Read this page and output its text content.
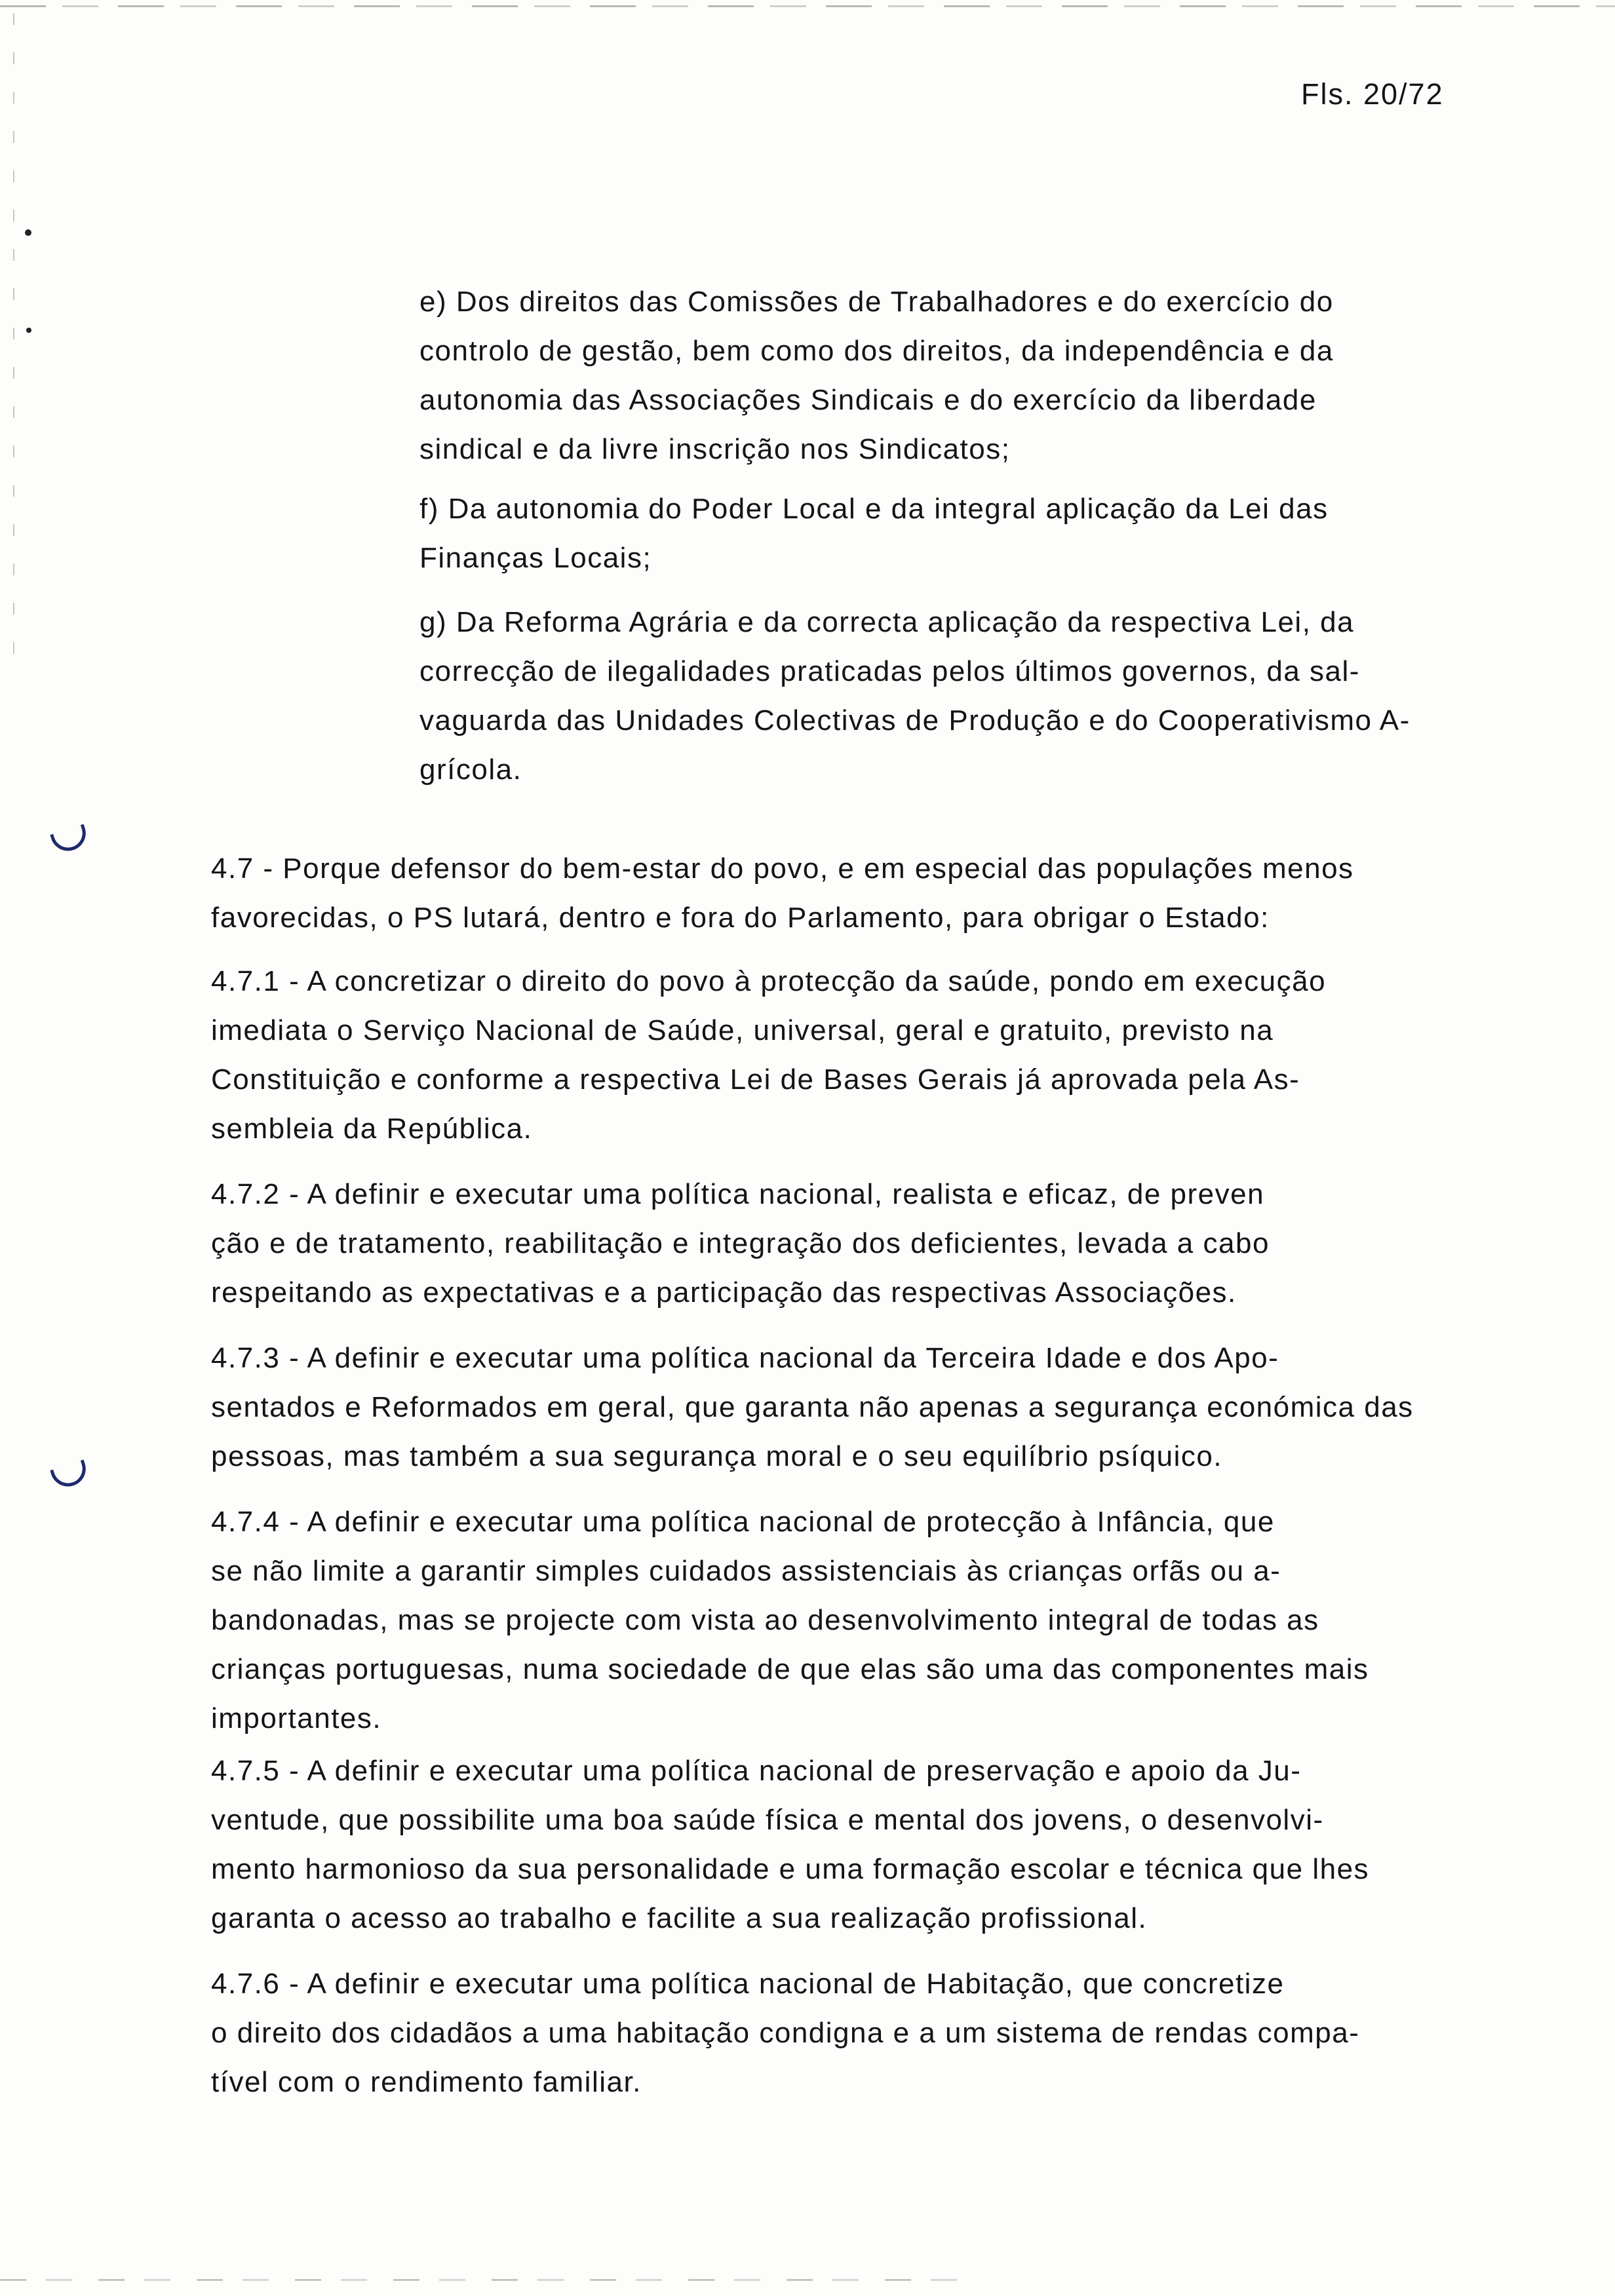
Fls. 20/72
e) Dos direitos das Comissões de Trabalhadores e do exercício do
controlo de gestão, bem como dos direitos, da independência e da
autonomia das Associações Sindicais e do exercício da liberdade
sindical e da livre inscrição nos Sindicatos;
f) Da autonomia do Poder Local e da integral aplicação da Lei das
Finanças Locais;
g) Da Reforma Agrária e da correcta aplicação da respectiva Lei, da
correcção de ilegalidades praticadas pelos últimos governos, da sal-
vaguarda das Unidades Colectivas de Produção e do Cooperativismo A-
grícola.
4.7 - Porque defensor do bem-estar do povo, e em especial das populações menos
favorecidas, o PS lutará, dentro e fora do Parlamento, para obrigar o Estado:
4.7.1 - A concretizar o direito do povo à protecção da saúde, pondo em execução
imediata o Serviço Nacional de Saúde, universal, geral e gratuito, previsto na
Constituição e conforme a respectiva Lei de Bases Gerais já aprovada pela As-
sembleia da República.
4.7.2 - A definir e executar uma política nacional, realista e eficaz, de preven
ção e de tratamento, reabilitação e integração dos deficientes, levada a cabo
respeitando as expectativas e a participação das respectivas Associações.
4.7.3 - A definir e executar uma política nacional da Terceira Idade e dos Apo-
sentados e Reformados em geral, que garanta não apenas a segurança económica das
pessoas, mas também a sua segurança moral e o seu equilíbrio psíquico.
4.7.4 - A definir e executar uma política nacional de protecção à Infância, que
se não limite a garantir simples cuidados assistenciais às crianças orfãs ou a-
bandonadas, mas se projecte com vista ao desenvolvimento integral de todas as
crianças portuguesas, numa sociedade de que elas são uma das componentes mais
importantes.
4.7.5 - A definir e executar uma política nacional de preservação e apoio da Ju-
ventude, que possibilite uma boa saúde física e mental dos jovens, o desenvolvi-
mento harmonioso da sua personalidade e uma formação escolar e técnica que lhes
garanta o acesso ao trabalho e facilite a sua realização profissional.
4.7.6 - A definir e executar uma política nacional de Habitação, que concretize
o direito dos cidadãos a uma habitação condigna e a um sistema de rendas compa-
tível com o rendimento familiar.
